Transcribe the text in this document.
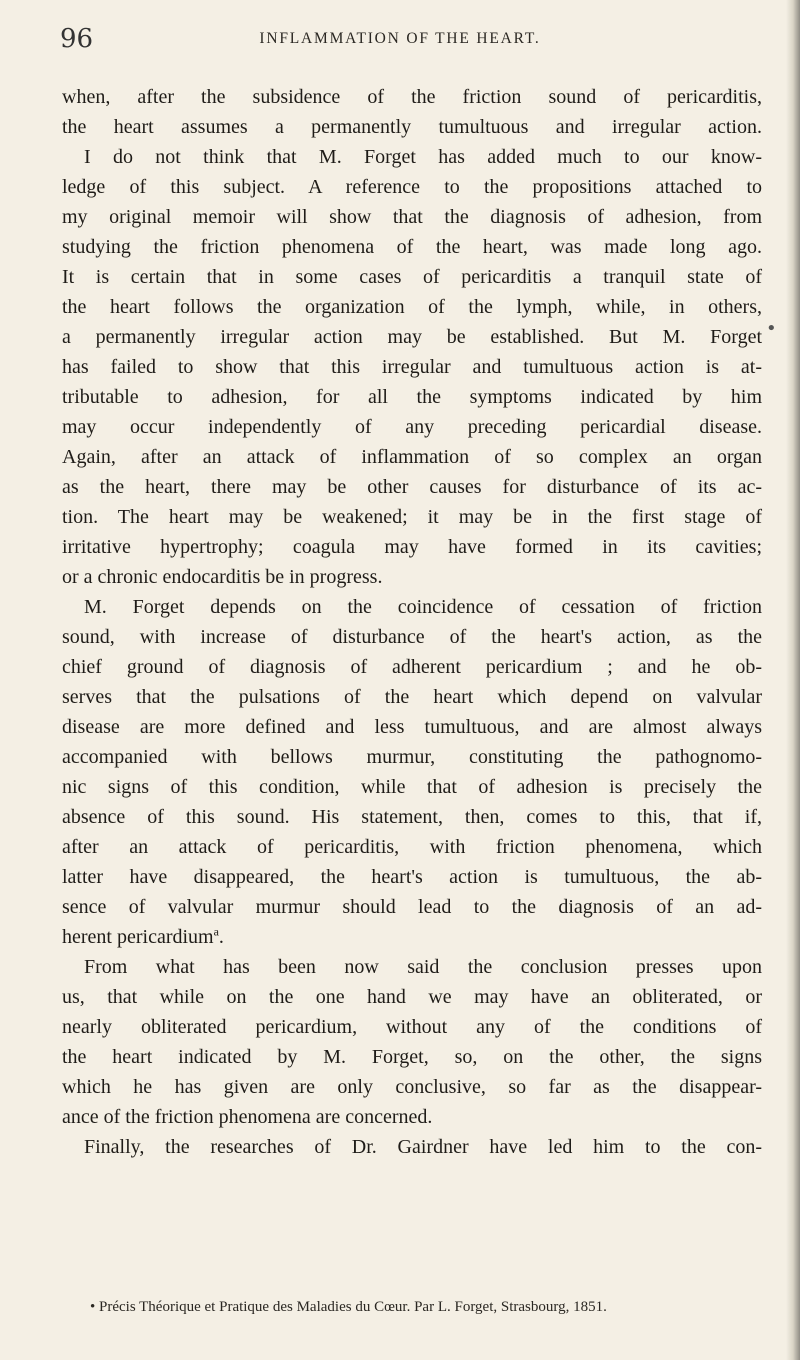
96	INFLAMMATION OF THE HEART.
when, after the subsidence of the friction sound of pericarditis,
the heart assumes a permanently tumultuous and irregular action.
I do not think that M. Forget has added much to our know-
ledge of this subject. A reference to the propositions attached to
my original memoir will show that the diagnosis of adhesion, from
studying the friction phenomena of the heart, was made long ago.
It is certain that in some cases of pericarditis a tranquil state of
the heart follows the organization of the lymph, while, in others,
a permanently irregular action may be established. But M. Forget
has failed to show that this irregular and tumultuous action is at-
tributable to adhesion, for all the symptoms indicated by him
may occur independently of any preceding pericardial disease.
Again, after an attack of inflammation of so complex an organ
as the heart, there may be other causes for disturbance of its ac-
tion. The heart may be weakened; it may be in the first stage of
irritative hypertrophy; coagula may have formed in its cavities;
or a chronic endocarditis be in progress.
M. Forget depends on the coincidence of cessation of friction
sound, with increase of disturbance of the heart's action, as the
chief ground of diagnosis of adherent pericardium ; and he ob-
serves that the pulsations of the heart which depend on valvular
disease are more defined and less tumultuous, and are almost always
accompanied with bellows murmur, constituting the pathognomo-
nic signs of this condition, while that of adhesion is precisely the
absence of this sound. His statement, then, comes to this, that if,
after an attack of pericarditis, with friction phenomena, which
latter have disappeared, the heart's action is tumultuous, the ab-
sence of valvular murmur should lead to the diagnosis of an ad-
herent pericardium$^a$.
From what has been now said the conclusion presses upon
us, that while on the one hand we may have an obliterated, or
nearly obliterated pericardium, without any of the conditions of
the heart indicated by M. Forget, so, on the other, the signs
which he has given are only conclusive, so far as the disappear-
ance of the friction phenomena are concerned.
Finally, the researches of Dr. Gairdner have led him to the con-
•
• Précis Théorique et Pratique des Maladies du Cœur. Par L. Forget, Strasbourg, 1851.
